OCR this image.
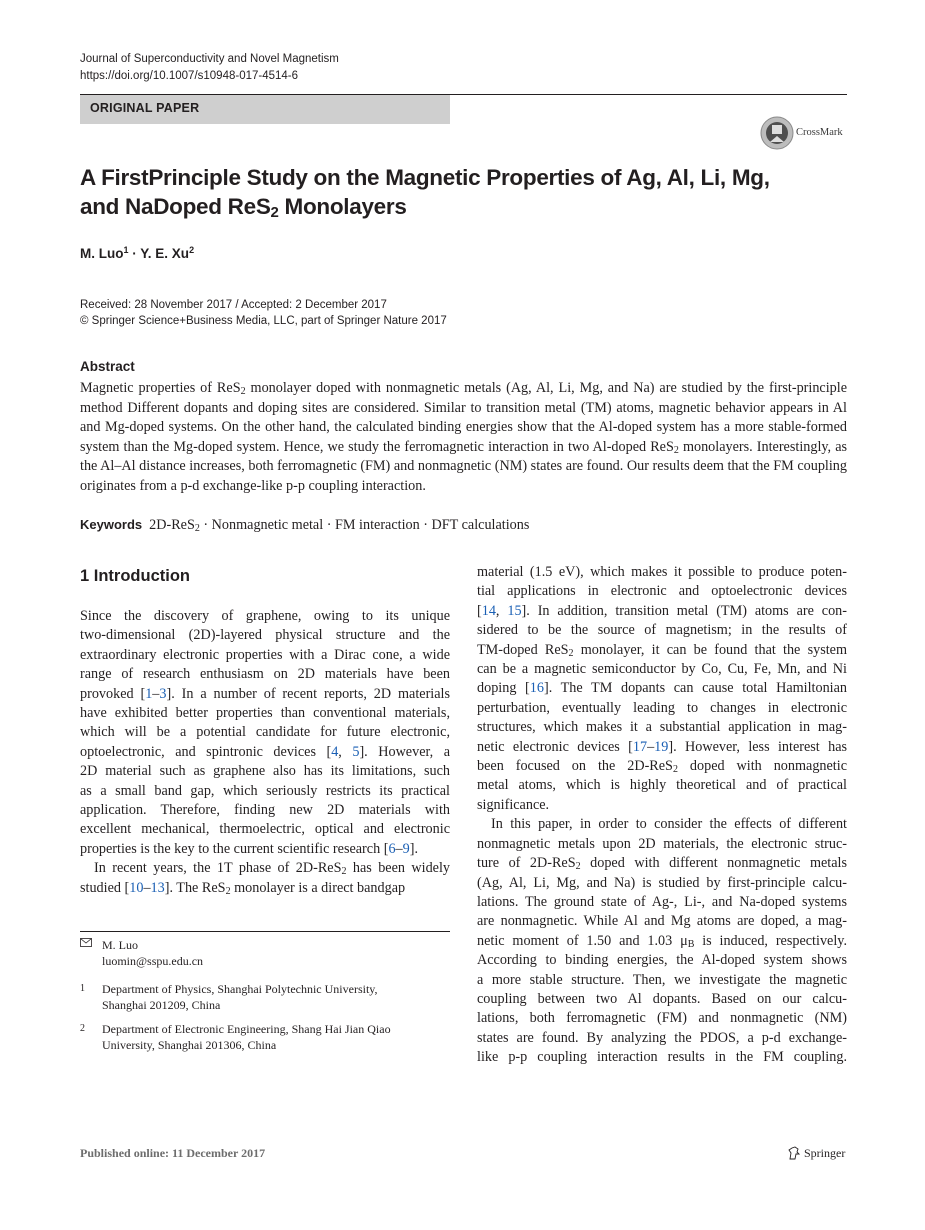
Journal of Superconductivity and Novel Magnetism
https://doi.org/10.1007/s10948-017-4514-6
ORIGINAL PAPER
CrossMark
A FirstPrinciple Study on the Magnetic Properties of Ag, Al, Li, Mg,
and NaDoped ReS$_2$ Monolayers
M. Luo$^1$ · Y. E. Xu$^2$
Received: 28 November 2017 / Accepted: 2 December 2017
© Springer Science+Business Media, LLC, part of Springer Nature 2017
Abstract
Magnetic properties of ReS$_2$ monolayer doped with nonmagnetic metals (Ag, Al, Li, Mg, and Na) are studied by the first-principle method Different dopants and doping sites are considered. Similar to transition metal (TM) atoms, magnetic behavior appears in Al and Mg-doped systems. On the other hand, the calculated binding energies show that the Al-doped system has a more stable-formed system than the Mg-doped system. Hence, we study the ferromagnetic interaction in two Al-doped ReS$_2$ monolayers. Interestingly, as the Al–Al distance increases, both ferromagnetic (FM) and nonmagnetic (NM) states are found. Our results deem that the FM coupling originates from a p-d exchange-like p-p coupling interaction.
Keywords 2D-ReS$_2$ · Nonmagnetic metal · FM interaction · DFT calculations
1 Introduction
Since the discovery of graphene, owing to its unique
two-dimensional (2D)-layered physical structure and the
extraordinary electronic properties with a Dirac cone, a wide
range of research enthusiasm on 2D materials have been
provoked [1–3]. In a number of recent reports, 2D materials
have exhibited better properties than conventional materials,
which will be a potential candidate for future electronic,
optoelectronic, and spintronic devices [4, 5]. However, a
2D material such as graphene also has its limitations, such
as a small band gap, which seriously restricts its practical
application. Therefore, finding new 2D materials with
excellent mechanical, thermoelectric, optical and electronic
properties is the key to the current scientific research [6–9].
In recent years, the 1T phase of 2D-ReS$_2$ has been widely
studied [10–13]. The ReS$_2$ monolayer is a direct bandgap
material (1.5 eV), which makes it possible to produce poten-
tial applications in electronic and optoelectronic devices
[14, 15]. In addition, transition metal (TM) atoms are con-
sidered to be the source of magnetism; in the results of
TM-doped ReS$_2$ monolayer, it can be found that the system
can be a magnetic semiconductor by Co, Cu, Fe, Mn, and Ni
doping [16]. The TM dopants can cause total Hamiltonian
perturbation, eventually leading to changes in electronic
structures, which makes it a substantial application in mag-
netic electronic devices [17–19]. However, less interest has
been focused on the 2D-ReS$_2$ doped with nonmagnetic
metal atoms, which is highly theoretical and of practical
significance.
In this paper, in order to consider the effects of different
nonmagnetic metals upon 2D materials, the electronic struc-
ture of 2D-ReS$_2$ doped with different nonmagnetic metals
(Ag, Al, Li, Mg, and Na) is studied by first-principle calcu-
lations. The ground state of Ag-, Li-, and Na-doped systems
are nonmagnetic. While Al and Mg atoms are doped, a mag-
netic moment of 1.50 and 1.03 $\mu_B$ is induced, respectively.
According to binding energies, the Al-doped system shows
a more stable structure. Then, we investigate the magnetic
coupling between two Al dopants. Based on our calcu-
lations, both ferromagnetic (FM) and nonmagnetic (NM)
states are found. By analyzing the PDOS, a p-d exchange-
like p-p coupling interaction results in the FM coupling.
M. Luo
luomin@sspu.edu.cn
1 Department of Physics, Shanghai Polytechnic University,
Shanghai 201209, China
2 Department of Electronic Engineering, Shang Hai Jian Qiao
University, Shanghai 201306, China
Published online: 11 December 2017	Springer
